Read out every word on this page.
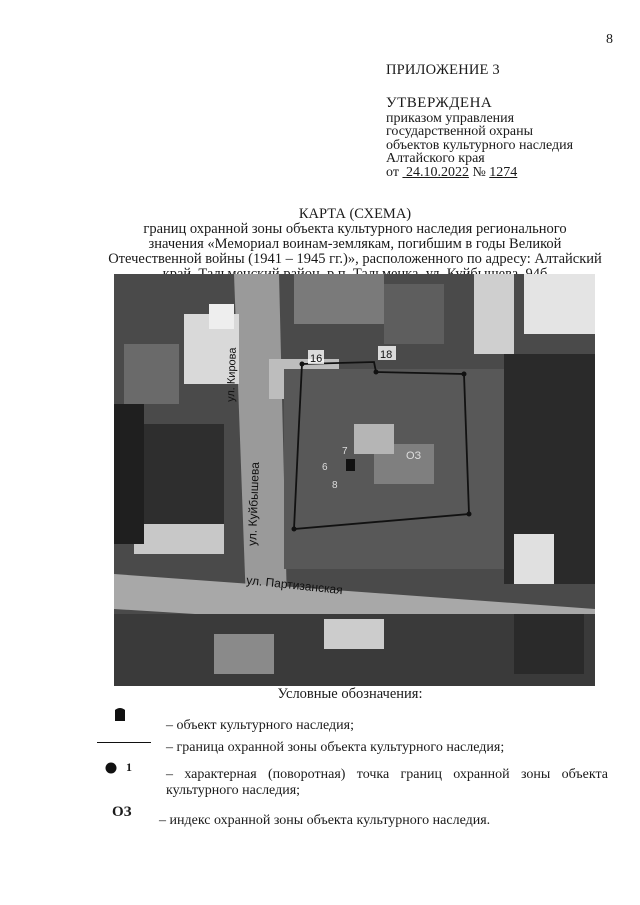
8
ПРИЛОЖЕНИЕ 3
УТВЕРЖДЕНА
приказом управления
государственной охраны
объектов культурного наследия
Алтайского края
от 24.10.2022 № 1274
КАРТА (СХЕМА)
границ охранной зоны объекта культурного наследия регионального
значения «Мемориал воинам-землякам, погибшим в годы Великой
Отечественной войны (1941 – 1945 гг.)», расположенного по адресу: Алтайский
16	18
6
7
8
ОЗ
ул. Куйбышева
ул. Кирова
ул. Партизанская
Условные обозначения:
– объект культурного наследия;
– граница охранной зоны объекта культурного наследия;
1 – характерная (поворотная) точка границ охранной зоны объекта культурного наследия;
ОЗ
– индекс охранной зоны объекта культурного наследия.
